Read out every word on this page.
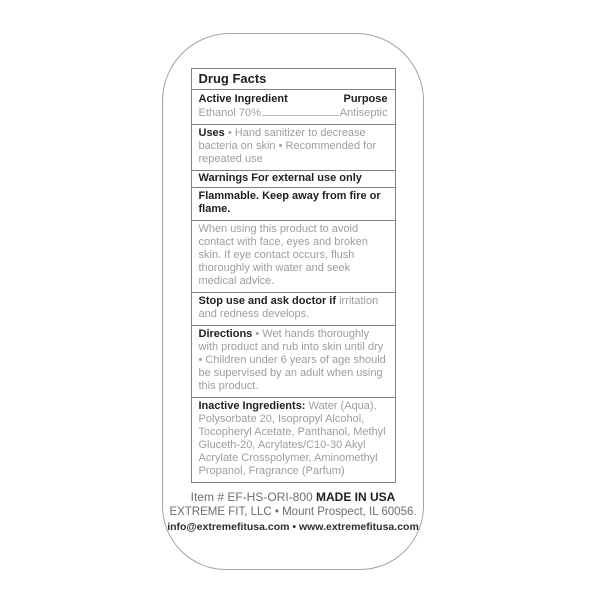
Drug Facts
Active Ingredient	Purpose
Ethanol 70%	Antiseptic
Uses • Hand sanitizer to decrease bacteria on skin • Recommended for repeated use
Warnings For external use only
Flammable. Keep away from fire or flame.
When using this product to avoid contact with face, eyes and broken skin. If eye contact occurs, flush thoroughly with water and seek medical advice.
Stop use and ask doctor if irritation and redness develops.
Directions • Wet hands thoroughly with product and rub into skin until dry • Children under 6 years of age should be supervised by an adult when using this product.
Inactive Ingredients: Water (Aqua), Polysorbate 20, Isopropyl Alcohol, Tocopheryl Acetate, Panthanol, Methyl Gluceth-20, Acrylates/C10-30 Akyl Acrylate Crosspolymer, Aminomethyl Propanol, Fragrance (Parfum)
Item # EF-HS-ORI-800 MADE IN USA
EXTREME FIT, LLC • Mount Prospect, IL 60056.
info@extremefitusa.com • www.extremefitusa.com
